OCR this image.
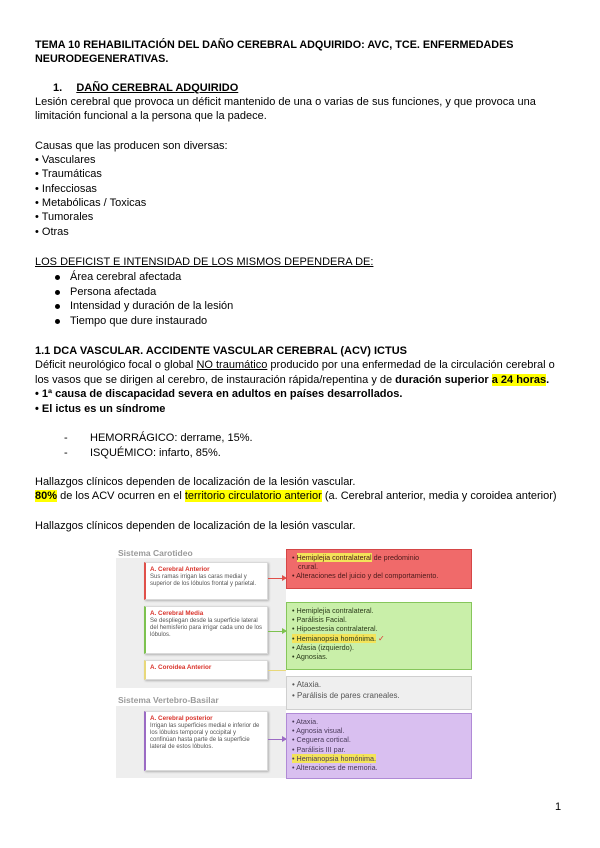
TEMA 10 REHABILITACIÓN DEL DAÑO CEREBRAL ADQUIRIDO: AVC, TCE. ENFERMEDADES
NEURODEGENERATIVAS.
1. DAÑO CEREBRAL ADQUIRIDO
Lesión cerebral que provoca un déficit mantenido de una o varias de sus funciones, y que provoca una
limitación funcional a la persona que la padece.
Causas que las producen son diversas:
• Vasculares
• Traumáticas
• Infecciosas
• Metabólicas / Toxicas
• Tumorales
• Otras
LOS DEFICIST E INTENSIDAD DE LOS MISMOS DEPENDERA DE:
Área cerebral afectada
Persona afectada
Intensidad y duración de la lesión
Tiempo que dure instaurado
1.1 DCA VASCULAR. ACCIDENTE VASCULAR CEREBRAL (ACV) ICTUS
Déficit neurológico focal o global NO traumático producido por una enfermedad de la circulación cerebral o
los vasos que se dirigen al cerebro, de instauración rápida/repentina y de duración superior a 24 horas.
• 1ª causa de discapacidad severa en adultos en países desarrollados.
• El ictus es un síndrome
- HEMORRÁGICO: derrame, 15%.
- ISQUÉMICO: infarto, 85%.
Hallazgos clínicos dependen de localización de la lesión vascular.
80% de los ACV ocurren en el territorio circulatorio anterior (a. Cerebral anterior, media y coroidea anterior)
Hallazgos clínicos dependen de localización de la lesión vascular.
Sistema Carotideo
A. Cerebral Anterior
Sus ramas irrigan las caras medial y superior de los lóbulos frontal y parietal.
A. Cerebral Media
Se despliegan desde la superficie lateral del hemisferio para irrigar cada uno de los lóbulos.
A. Coroidea Anterior
Sistema Vertebro-Basilar
A. Cerebral posterior
Irrigan las superficies medial e inferior de los lóbulos temporal y occipital y confinúan hasta parte de la superficie lateral de estos lóbulos.
• Hemiplejia contralateral de predominio
crural.
• Alteraciones del juicio y del comportamiento.
• Hemiplejia contralateral.
• Parálisis Facial.
• Hipoestesia contralateral.
• Hemianopsia homónima. ✓
• Afasia (izquierdo).
• Agnosias.
• Ataxia.
• Parálisis de pares craneales.
• Ataxia.
• Agnosia visual.
• Ceguera cortical.
• Parálisis III par.
• Hemianopsia homónima.
• Alteraciones de memoria.
1
